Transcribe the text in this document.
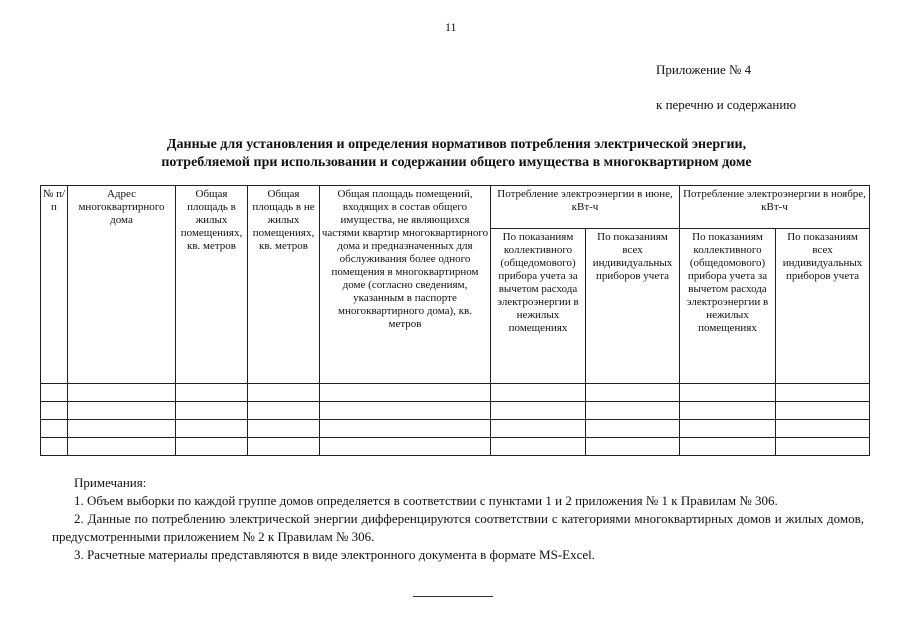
11
Приложение № 4
к перечню и содержанию
Данные для установления и определения нормативов потребления электрической энергии,
потребляемой при использовании и содержании общего имущества в многоквартирном доме
№ п/п	Адрес многоквартирного дома	Общая площадь в жилых помещениях, кв. метров	Общая площадь в не жилых помещениях, кв. метров	Общая площадь помещений, входящих в состав общего имущества, не являющихся частями квартир многоквартирного дома и предназначенных для обслуживания более одного помещения в многоквартирном доме (согласно сведениям, указанным в паспорте многоквартирного дома), кв. метров	Потребление электроэнергии в июне, кВт-ч		Потребление электроэнергии в ноябре, кВт-ч	
					По показаниям коллективного (общедомового) прибора учета за вычетом расхода электроэнергии в нежилых помещениях	По показаниям всех индивидуальных приборов учета	По показаниям коллективного (общедомового) прибора учета за вычетом расхода электроэнергии в нежилых помещениях	По показаниям всех индивидуальных приборов учета

Примечания:

1. Объем выборки по каждой группе домов определяется в соответствии с пунктами 1 и 2 приложения № 1 к Правилам № 306.

2. Данные по потреблению электрической энергии дифференцируются соответствии с категориями многоквартирных домов и жилых домов, предусмотренными приложением № 2 к Правилам № 306.

3. Расчетные материалы представляются в виде электронного документа в формате MS-Excel.
